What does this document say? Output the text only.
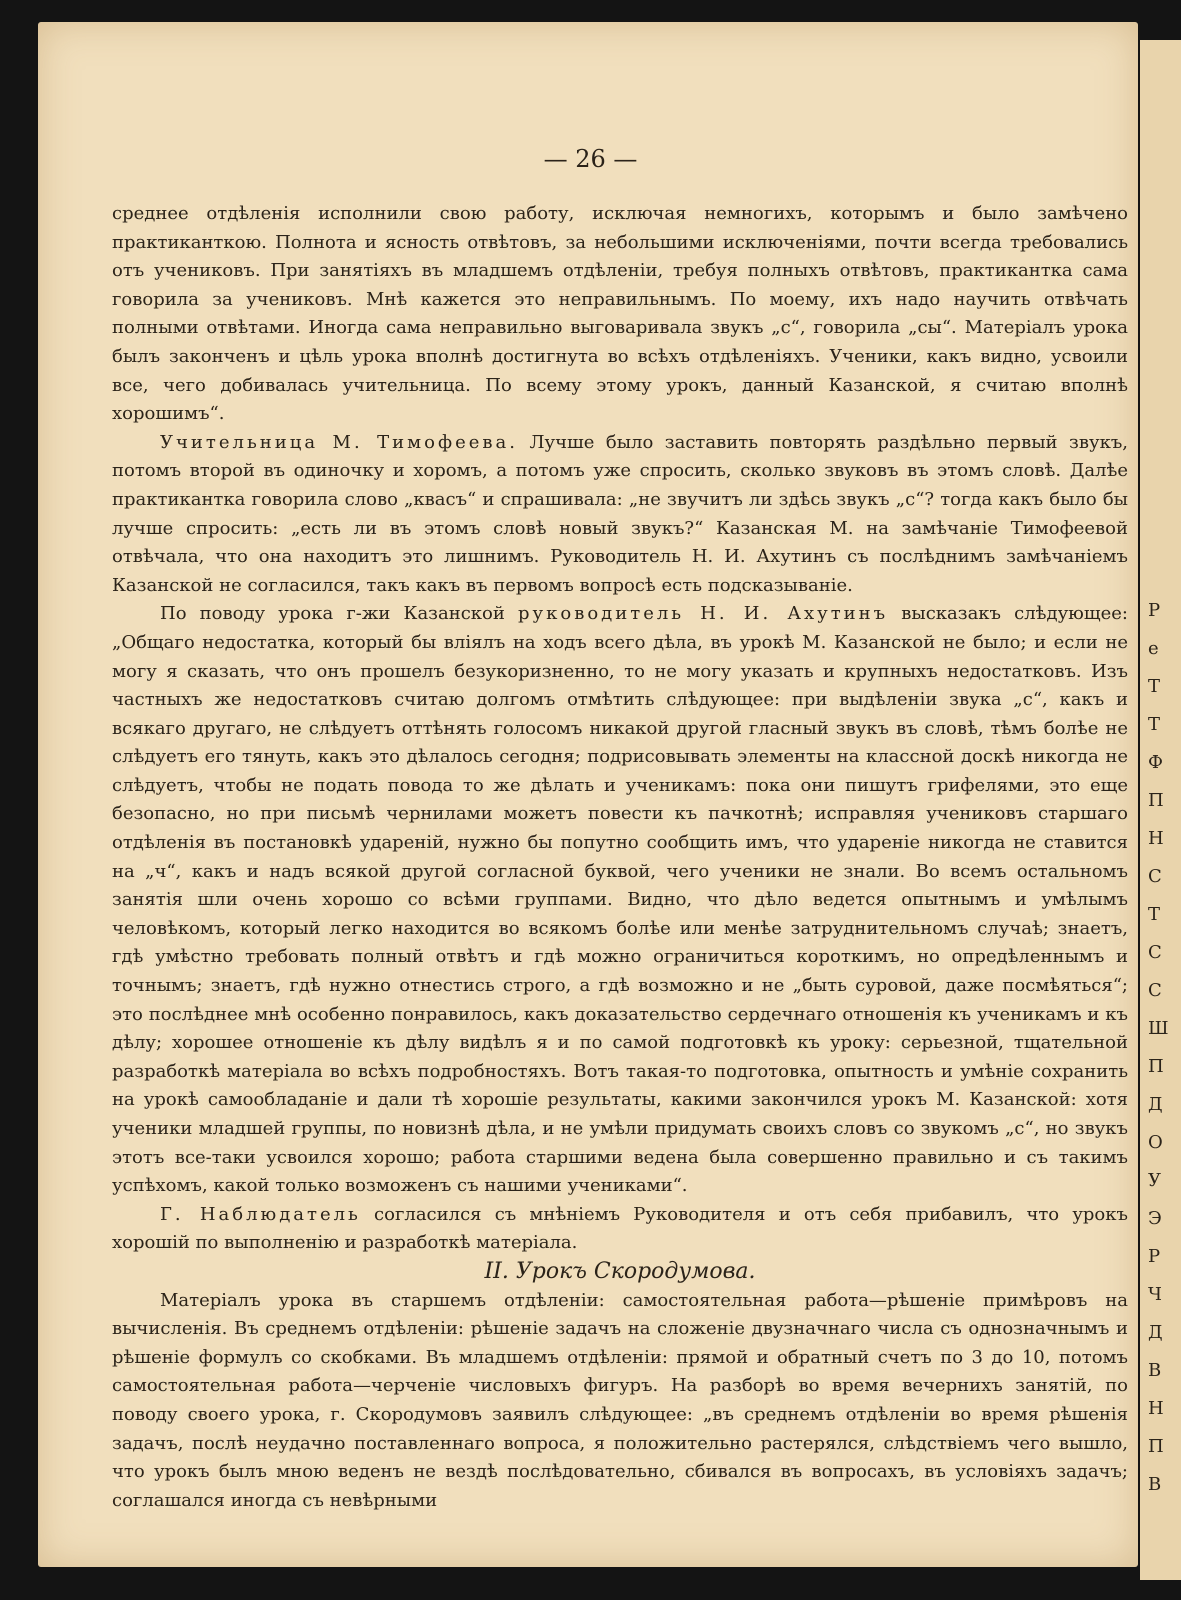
— 26 —

среднее отдѣленія исполнили свою работу, исключая немногихъ, которымъ и было замѣчено практиканткою. Полнота и ясность отвѣтовъ, за небольшими исключеніями, почти всегда требовались отъ учениковъ. При занятіяхъ въ младшемъ отдѣленіи, требуя полныхъ отвѣтовъ, практикантка сама говорила за учениковъ. Мнѣ кажется это неправильнымъ. По моему, ихъ надо научить отвѣчать полными отвѣтами. Иногда сама неправильно выговаривала звукъ „с“, говорила „сы“. Матеріалъ урока былъ законченъ и цѣль урока вполнѣ достигнута во всѣхъ отдѣленіяхъ. Ученики, какъ видно, усвоили все, чего добивалась учительница. По всему этому урокъ, данный Казанской, я считаю вполнѣ хорошимъ“.

Учительница М. Тимофеева. Лучше было заставить повторять раздѣльно первый звукъ, потомъ второй въ одиночку и хоромъ, а потомъ уже спросить, сколько звуковъ въ этомъ словѣ. Далѣе практикантка говорила слово „квасъ“ и спрашивала: „не звучитъ ли здѣсь звукъ „с“? тогда какъ было бы лучше спросить: „есть ли въ этомъ словѣ новый звукъ?“ Казанская М. на замѣчаніе Тимофеевой отвѣчала, что она находитъ это лишнимъ. Руководитель Н. И. Ахутинъ съ послѣднимъ замѣчаніемъ Казанской не согласился, такъ какъ въ первомъ вопросѣ есть подсказываніе.

По поводу урока г-жи Казанской руководитель Н. И. Ахутинъ высказакъ слѣдующее: „Общаго недостатка, который бы вліялъ на ходъ всего дѣла, въ урокѣ М. Казанской не было; и если не могу я сказать, что онъ прошелъ безукоризненно, то не могу указать и крупныхъ недостатковъ. Изъ частныхъ же недостатковъ считаю долгомъ отмѣтить слѣдующее: при выдѣленіи звука „с“, какъ и всякаго другаго, не слѣдуетъ оттѣнять голосомъ никакой другой гласный звукъ въ словѣ, тѣмъ болѣе не слѣдуетъ его тянуть, какъ это дѣлалось сегодня; подрисовывать элементы на классной доскѣ никогда не слѣдуетъ, чтобы не подать повода то же дѣлать и ученикамъ: пока они пишутъ грифелями, это еще безопасно, но при письмѣ чернилами можетъ повести къ пачкотнѣ; исправляя учениковъ старшаго отдѣленія въ постановкѣ удареній, нужно бы попутно сообщить имъ, что удареніе никогда не ставится на „ч“, какъ и надъ всякой другой согласной буквой, чего ученики не знали. Во всемъ остальномъ занятія шли очень хорошо со всѣми группами. Видно, что дѣло ведется опытнымъ и умѣлымъ человѣкомъ, который легко находится во всякомъ болѣе или менѣе затруднительномъ случаѣ; знаетъ, гдѣ умѣстно требовать полный отвѣтъ и гдѣ можно ограничиться короткимъ, но опредѣленнымъ и точнымъ; знаетъ, гдѣ нужно отнестись строго, а гдѣ возможно и не „быть суровой, даже посмѣяться“; это послѣднее мнѣ особенно понравилось, какъ доказательство сердечнаго отношенія къ ученикамъ и къ дѣлу; хорошее отношеніе къ дѣлу видѣлъ я и по самой подготовкѣ къ уроку: серьезной, тщательной разработкѣ матеріала во всѣхъ подробностяхъ. Вотъ такая-то подготовка, опытность и умѣніе сохранить на урокѣ самообладаніе и дали тѣ хорошіе результаты, какими закончился урокъ М. Казанской: хотя ученики младшей группы, по новизнѣ дѣла, и не умѣли придумать своихъ словъ со звукомъ „с“, но звукъ этотъ все-таки усвоился хорошо; работа старшими ведена была совершенно правильно и съ такимъ успѣхомъ, какой только возможенъ съ нашими учениками“.

Г. Наблюдатель согласился съ мнѣніемъ Руководителя и отъ себя прибавилъ, что урокъ хорошій по выполненію и разработкѣ матеріала.

II. Урокъ Скородумова.

Матеріалъ урока въ старшемъ отдѣленіи: самостоятельная работа—рѣшеніе примѣровъ на вычисленія. Въ среднемъ отдѣленіи: рѣшеніе задачъ на сложеніе двузначнаго числа съ однозначнымъ и рѣшеніе формулъ со скобками. Въ младшемъ отдѣленіи: прямой и обратный счетъ по 3 до 10, потомъ самостоятельная работа—черченіе числовыхъ фигуръ. На разборѣ во время вечернихъ занятій, по поводу своего урока, г. Скородумовъ заявилъ слѣдующее: „въ среднемъ отдѣленіи во время рѣшенія задачъ, послѣ неудачно поставленнаго вопроса, я положительно растерялся, слѣдствіемъ чего вышло, что урокъ былъ мною веденъ не вездѣ послѣдовательно, сбивался въ вопросахъ, въ условіяхъ задачъ; соглашался иногда съ невѣрными

Р
е
Т
Т
Ф
П
Н
С
Т
С
С
Ш
П
Д
О
У
Э
Р
Ч
Д
В
Н
П
В
